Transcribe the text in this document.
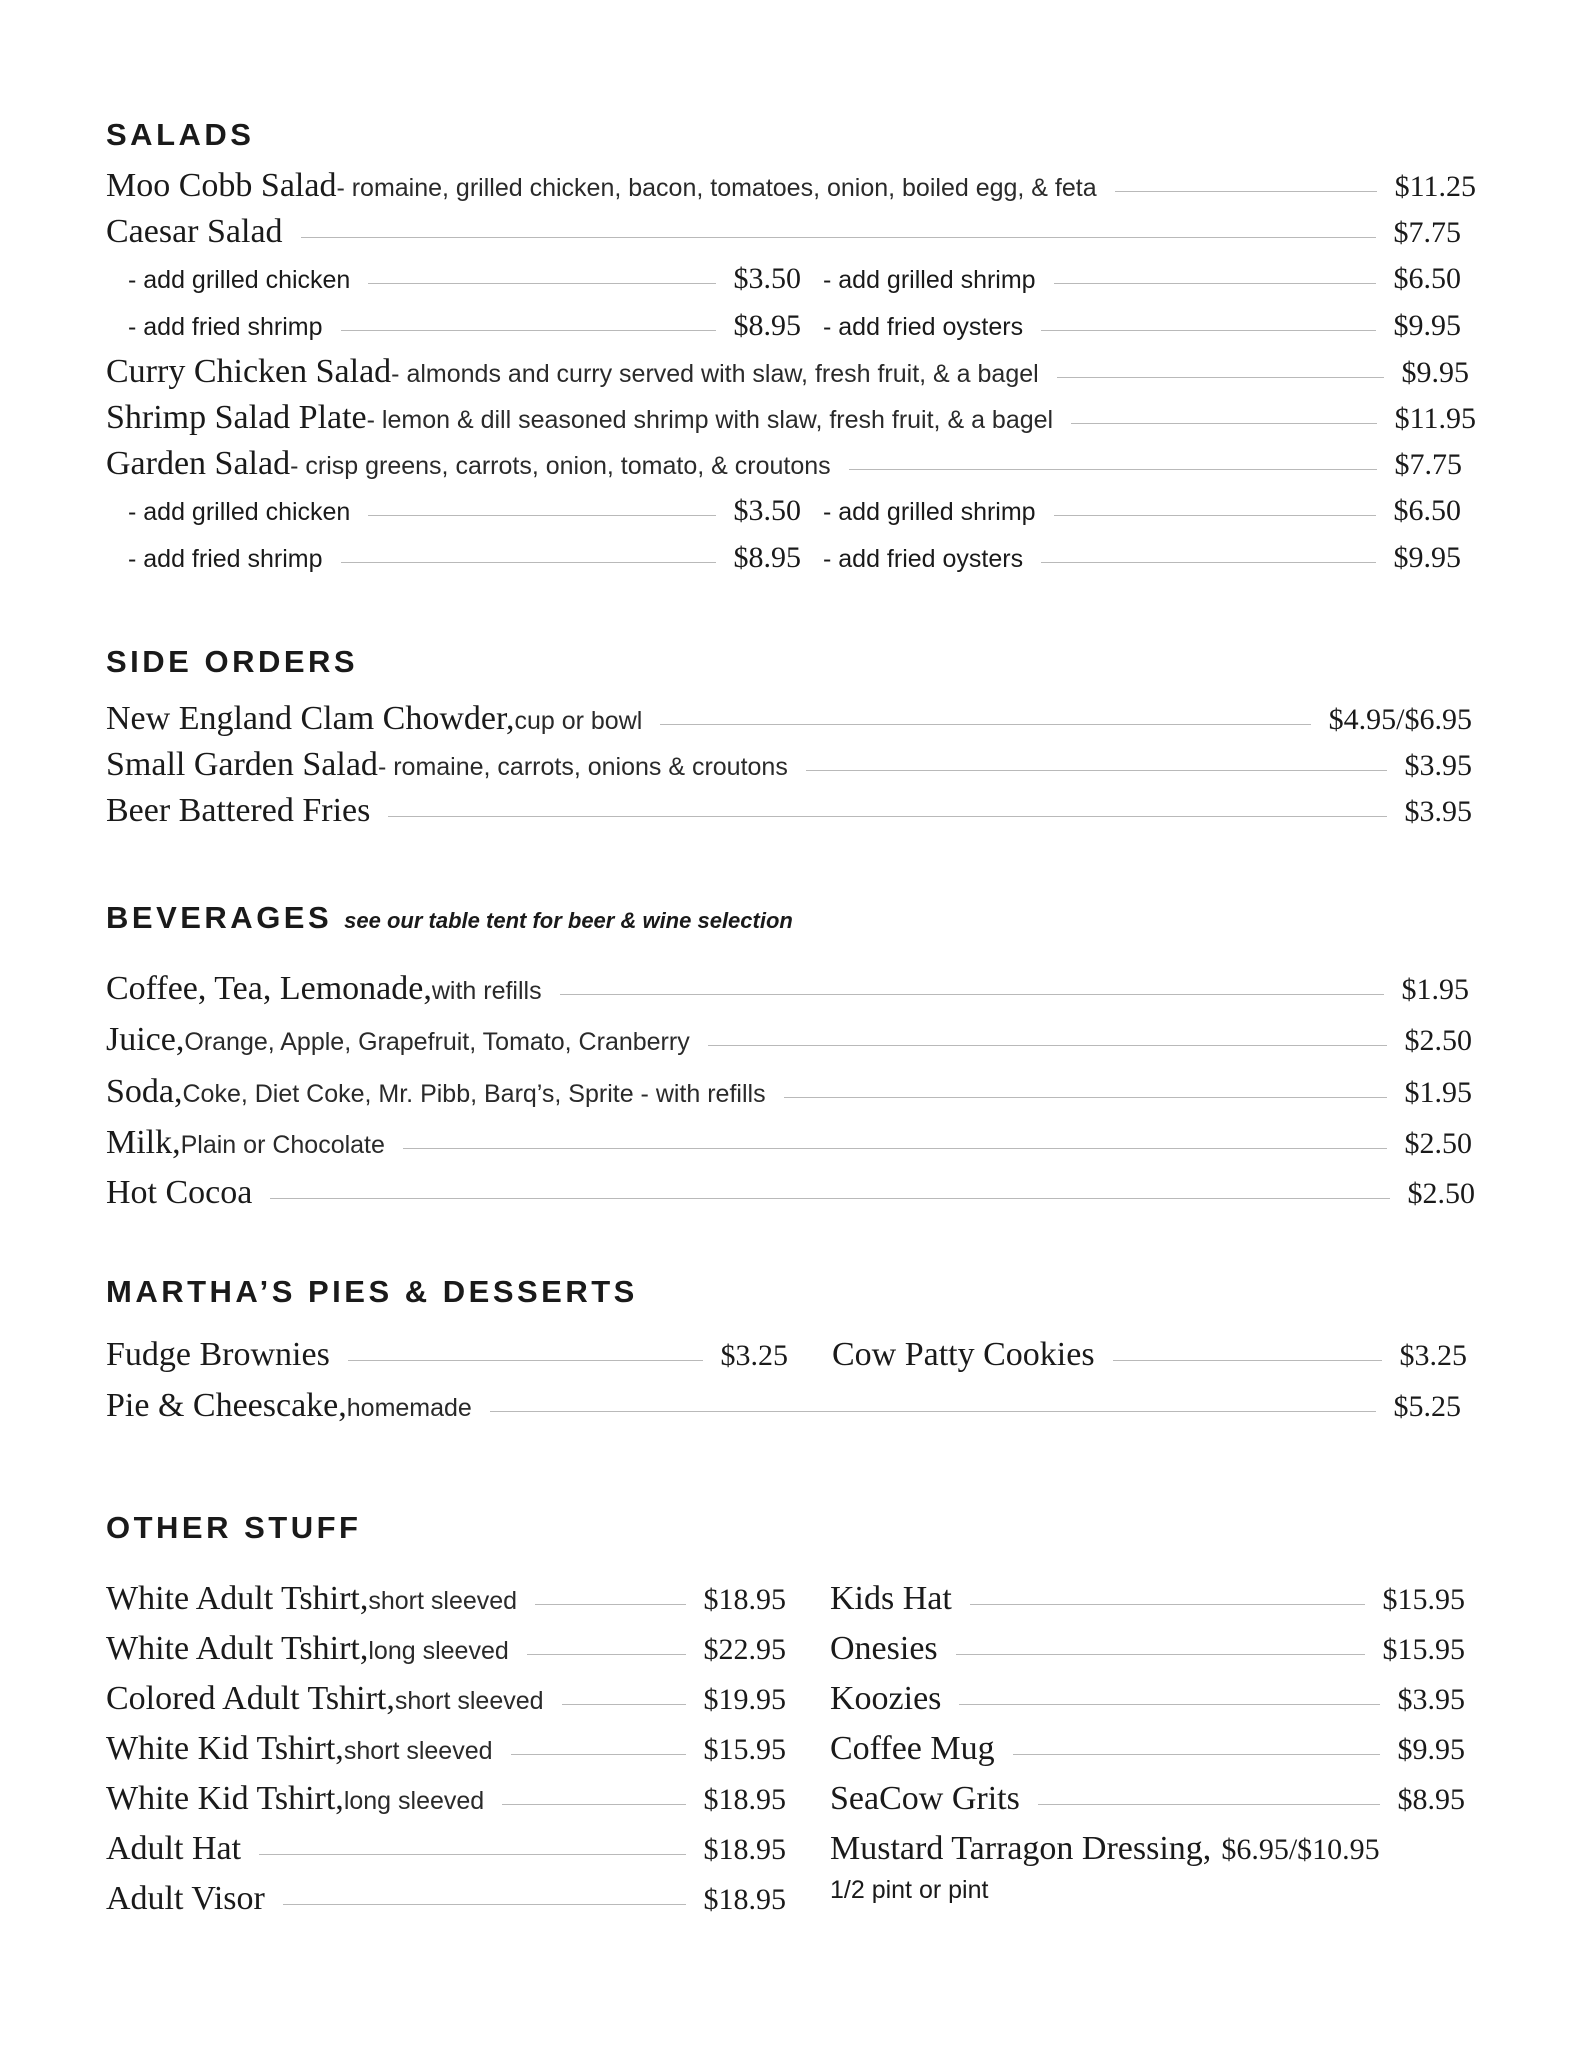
SALADS
Moo Cobb Salad - romaine, grilled chicken, bacon, tomatoes, onion, boiled egg, & feta	$11.25
Caesar Salad	$7.75
- add grilled chicken	$3.50
- add fried shrimp	$8.95
- add grilled shrimp	$6.50
- add fried oysters	$9.95
Curry Chicken Salad - almonds and curry served with slaw, fresh fruit, & a bagel	$9.95
Shrimp Salad Plate - lemon & dill seasoned shrimp with slaw, fresh fruit, & a bagel	$11.95
Garden Salad - crisp greens, carrots, onion, tomato, & croutons	$7.75
- add grilled chicken	$3.50
- add fried shrimp	$8.95
- add grilled shrimp	$6.50
- add fried oysters	$9.95
SIDE ORDERS
New England Clam Chowder, cup or bowl	$4.95/$6.95
Small Garden Salad - romaine, carrots, onions & croutons	$3.95
Beer Battered Fries	$3.95
BEVERAGES see our table tent for beer & wine selection
Coffee, Tea, Lemonade, with refills	$1.95
Juice, Orange, Apple, Grapefruit, Tomato, Cranberry	$2.50
Soda, Coke, Diet Coke, Mr. Pibb, Barq’s, Sprite - with refills	$1.95
Milk, Plain or Chocolate	$2.50
Hot Cocoa	$2.50
MARTHA’S PIES & DESSERTS
Fudge Brownies	$3.25 Cow Patty Cookies	$3.25
Pie & Cheescake, homemade	$5.25
OTHER STUFF
White Adult Tshirt, short sleeved	$18.95
White Adult Tshirt, long sleeved	$22.95
Colored Adult Tshirt, short sleeved	$19.95
White Kid Tshirt, short sleeved	$15.95
White Kid Tshirt, long sleeved	$18.95
Adult Hat	$18.95
Adult Visor	$18.95
Kids Hat	$15.95
Onesies	$15.95
Koozies	$3.95
Coffee Mug	$9.95
SeaCow Grits	$8.95
Mustard Tarragon Dressing, $6.95/$10.95
1/2 pint or pint
